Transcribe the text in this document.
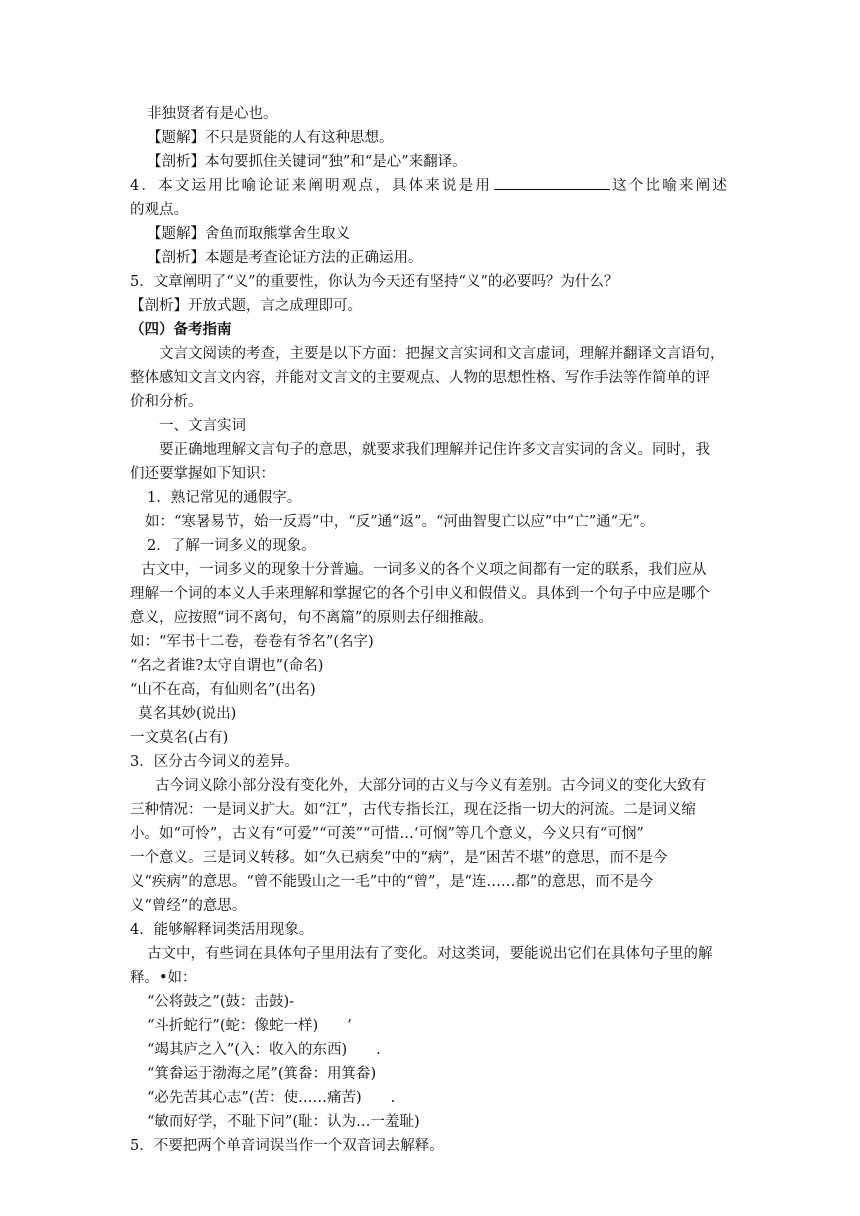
非独贤者有是心也。
【题解】不只是贤能的人有这种思想。
【剖析】本句要抓住关键词“独”和“是心”来翻译。
4．本文运用比喻论证来阐明观点，具体来说是用	这个比喻来阐述
的观点。
【题解】舍鱼而取熊掌舍生取义
【剖析】本题是考查论证方法的正确运用。
5．文章阐明了“义”的重要性，你认为今天还有坚持“义”的必要吗？为什么？
【剖析】开放式题，言之成理即可。
（四）备考指南
文言文阅读的考查，主要是以下方面：把握文言实词和文言虚词，理解并翻译文言语句，
整体感知文言文内容，并能对文言文的主要观点、人物的思想性格、写作手法等作简单的评
价和分析。
一、文言实词
要正确地理解文言句子的意思，就要求我们理解并记住许多文言实词的含义。同时，我
们还要掌握如下知识：
1．熟记常见的通假字。
如：“寒暑易节，始一反焉”中，“反”通“返”。“河曲智叟亡以应”中“亡”通“无”。
2．了解一词多义的现象。
古文中，一词多义的现象十分普遍。一词多义的各个义项之间都有一定的联系，我们应从
理解一个词的本义人手来理解和掌握它的各个引申义和假借义。具体到一个句子中应是哪个
意义，应按照“词不离句，句不离篇”的原则去仔细推敲。
如：“军书十二卷，卷卷有爷名”(名字)
“名之者谁?太守自谓也”(命名)
“山不在高，有仙则名”(出名)
莫名其妙(说出)
一文莫名(占有)
3．区分古今词义的差异。
古今词义除小部分没有变化外，大部分词的古义与今义有差别。古今词义的变化大致有
三种情况：一是词义扩大。如“江”，古代专指长江，现在泛指一切大的河流。二是词义缩
小。如“可怜”，古义有“可爱”“可羡”“可惜…‘可悯”等几个意义，今义只有“可悯”
一个意义。三是词义转移。如“久已病矣”中的“病”，是“困苦不堪”的意思，而不是今
义“疾病”的意思。“曾不能毁山之一毛”中的“曾”，是“连……都”的意思，而不是今
义“曾经”的意思。
4．能够解释词类活用现象。
古文中，有些词在具体句子里用法有了变化。对这类词，要能说出它们在具体句子里的解
释。•如：
“公将鼓之”(鼓：击鼓)-
“斗折蛇行”(蛇：像蛇一样)　　’
“竭其庐之入”(入：收入的东西)　　.
“箕畚运于渤海之尾”(箕畚：用箕畚)
“必先苦其心志”(苦：使……痛苦)　　.
“敏而好学，不耻下问”(耻：认为…一羞耻)
5．不要把两个单音词误当作一个双音词去解释。
